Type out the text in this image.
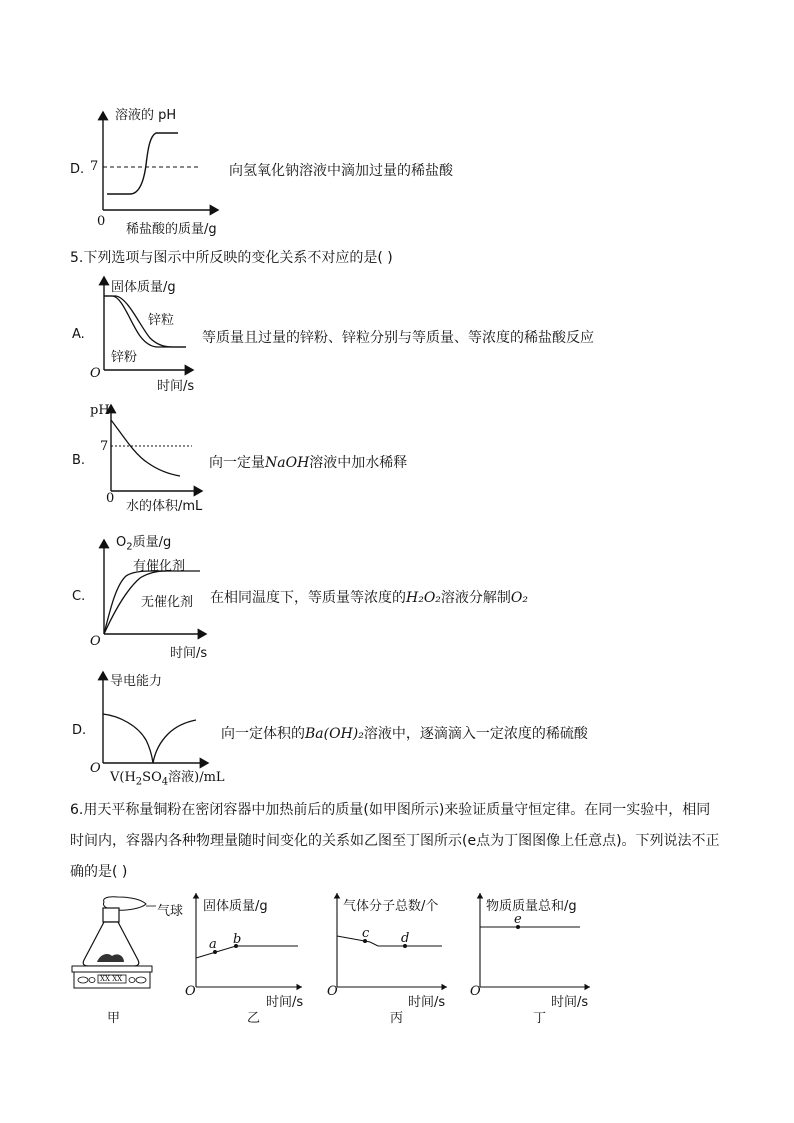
D.
溶液的 pH
7
0
稀盐酸的质量/g
向氢氧化钠溶液中滴加过量的稀盐酸
5.下列选项与图示中所反映的变化关系不对应的是( )
A.
固体质量/g
锌粒
锌粉
O
时间/s
等质量且过量的锌粉、锌粒分别与等质量、等浓度的稀盐酸反应
B.
pH
7
0
水的体积/mL
向一定量NaOH溶液中加水稀释
C.
$O_2$质量/g
有催化剂
无催化剂
O
时间/s
在相同温度下，等质量等浓度的H₂O₂溶液分解制O₂
D.
导电能力
O
$V(H_2SO_4$溶液)/mL
向一定体积的Ba(OH)₂溶液中，逐滴滴入一定浓度的稀硫酸
6.用天平称量铜粉在密闭容器中加热前后的质量(如甲图所示)来验证质量守恒定律。在同一实验中，相同
时间内，容器内各种物理量随时间变化的关系如乙图至丁图所示(e点为丁图图像上任意点)。下列说法不正
确的是( )
气球
XX XX
甲
固体质量/g
a b
O
时间/s
乙
气体分子总数/个
c d
O
时间/s
丙
物质质量总和/g
e
O
时间/s
丁
